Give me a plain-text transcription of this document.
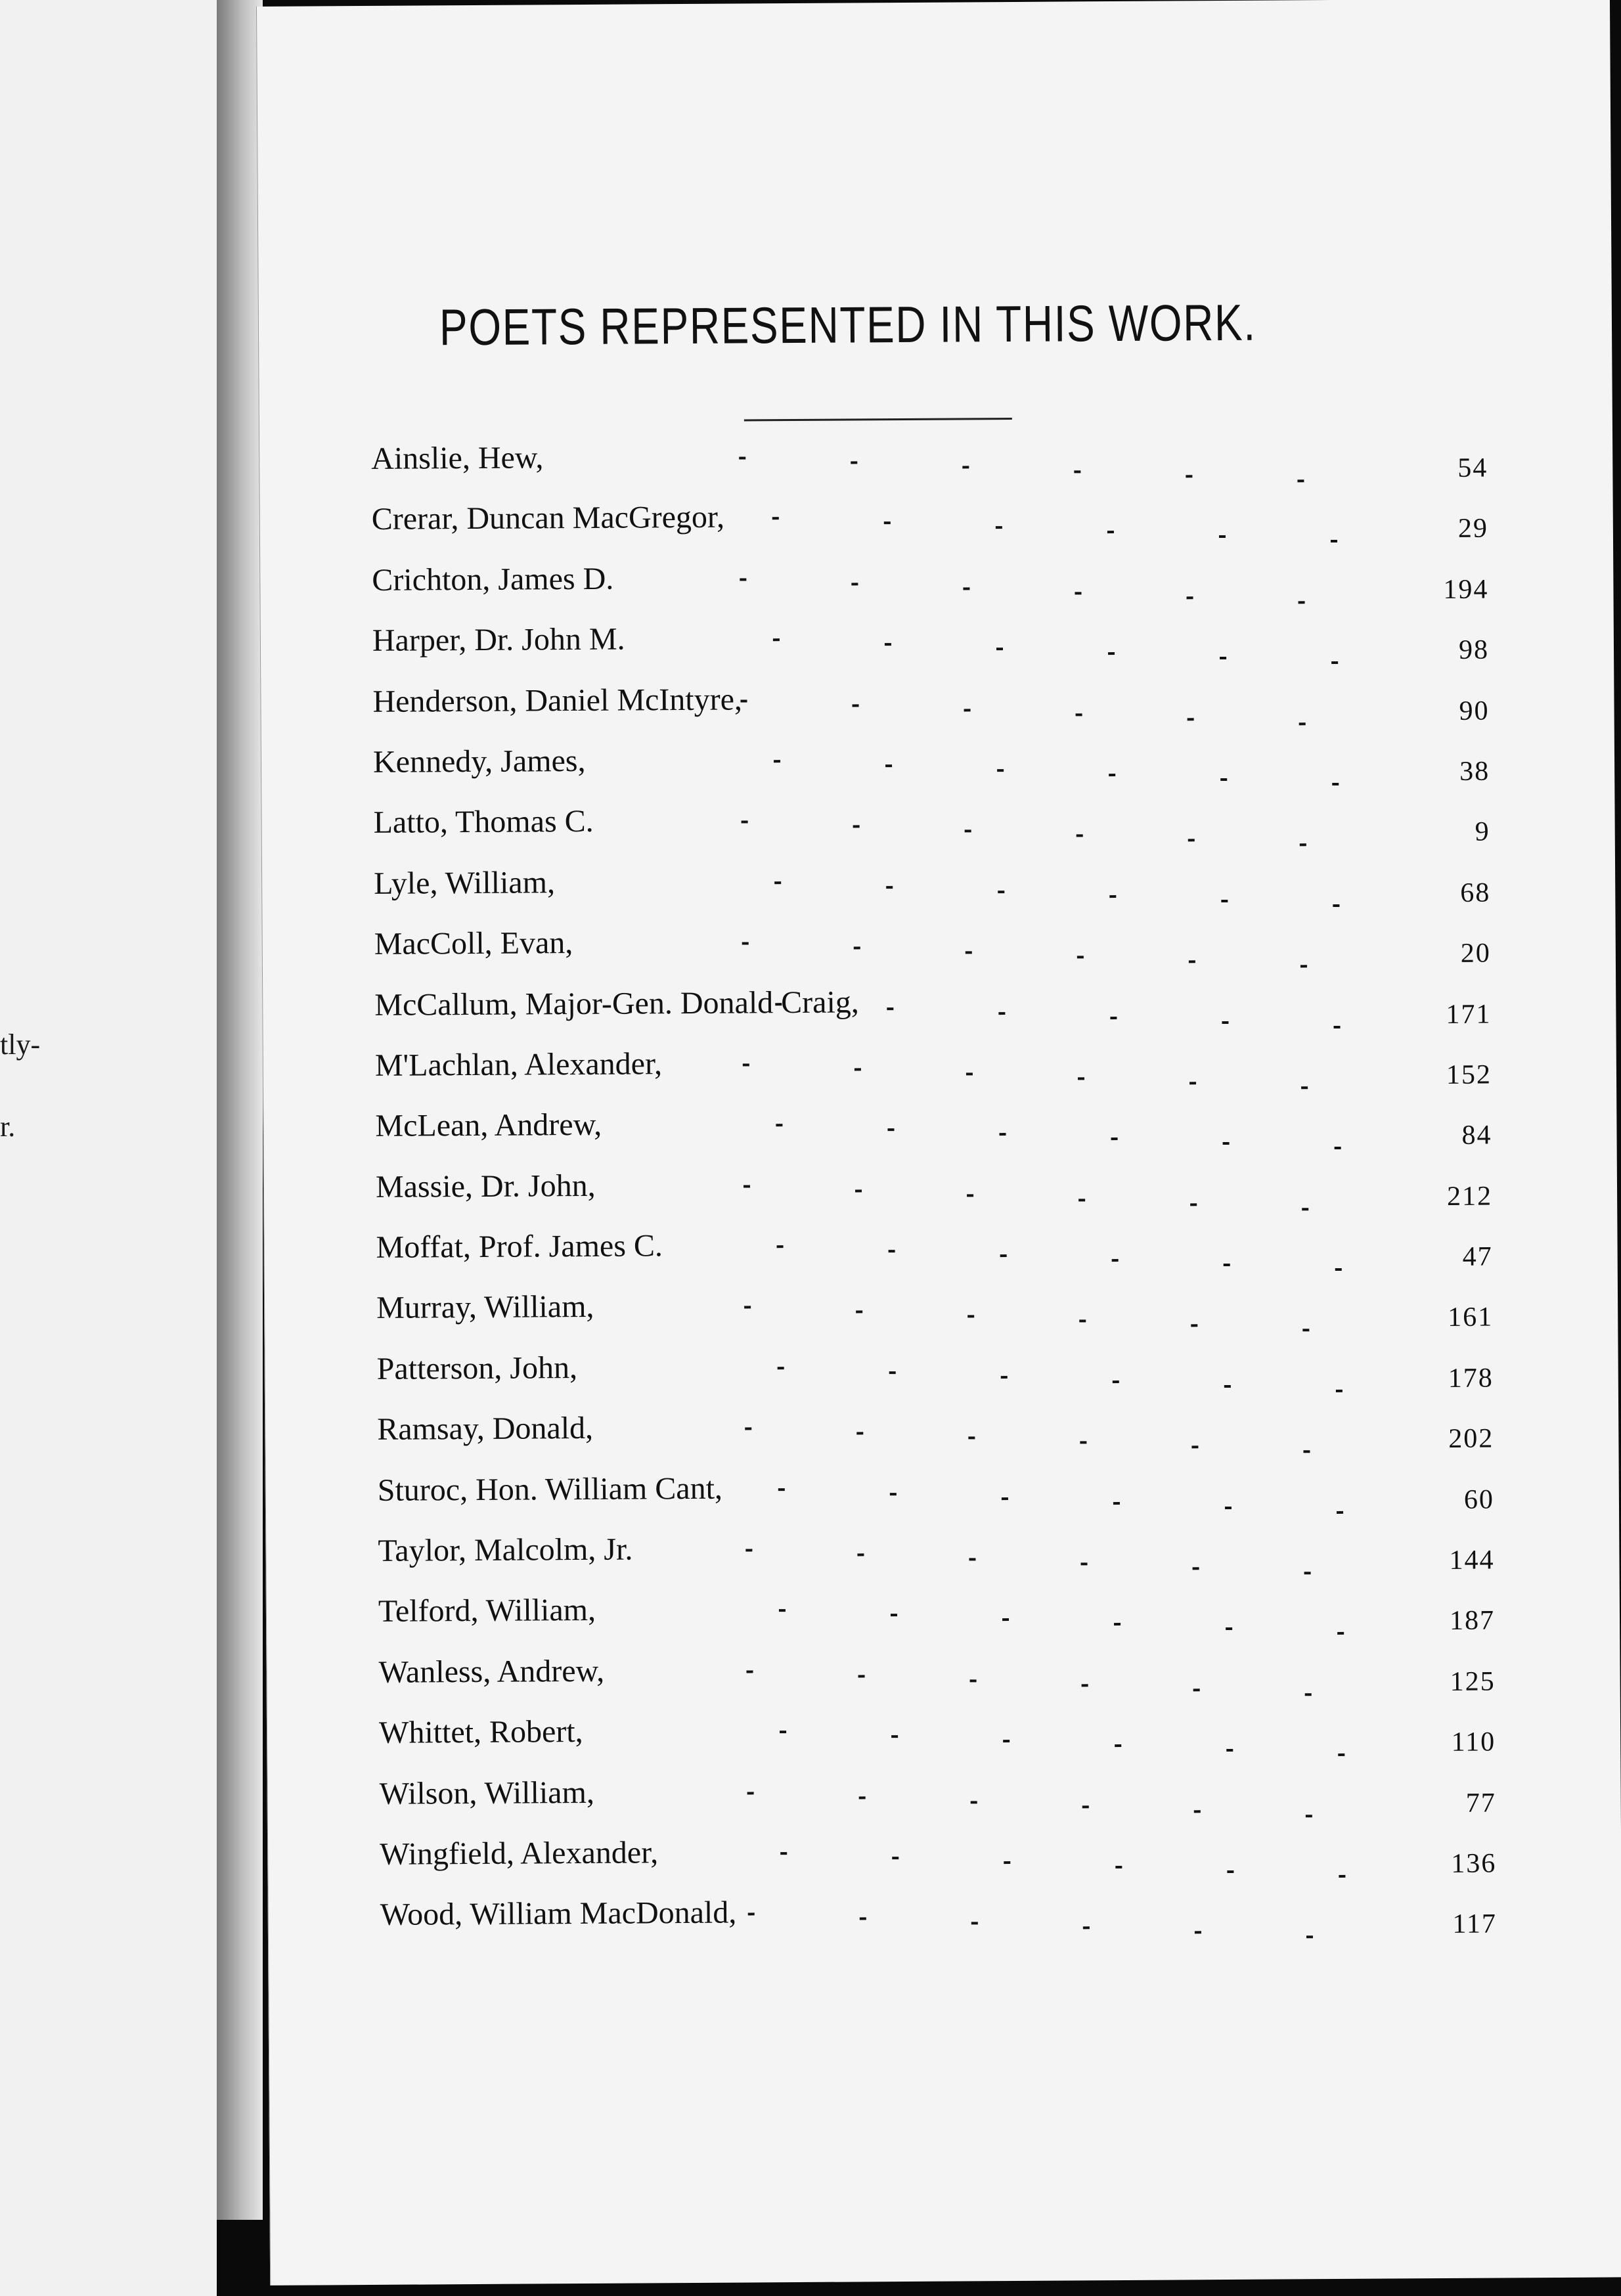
tly-
r.
POETS REPRESENTED IN THIS WORK.
Ainslie, Hew,	54
Crerar, Duncan MacGregor,	29
Crichton, James D.	194
Harper, Dr. John M.	98
Henderson, Daniel McIntyre,	90
Kennedy, James,	38
Latto, Thomas C.	9
Lyle, William,	68
MacColl, Evan,	20
McCallum, Major-Gen. Donald Craig,	171
M'Lachlan, Alexander,	152
McLean, Andrew,	84
Massie, Dr. John,	212
Moffat, Prof. James C.	47
Murray, William,	161
Patterson, John,	178
Ramsay, Donald,	202
Sturoc, Hon. William Cant,	60
Taylor, Malcolm, Jr.	144
Telford, William,	187
Wanless, Andrew,	125
Whittet, Robert,	110
Wilson, William,	77
Wingfield, Alexander,	136
Wood, William MacDonald,	117
